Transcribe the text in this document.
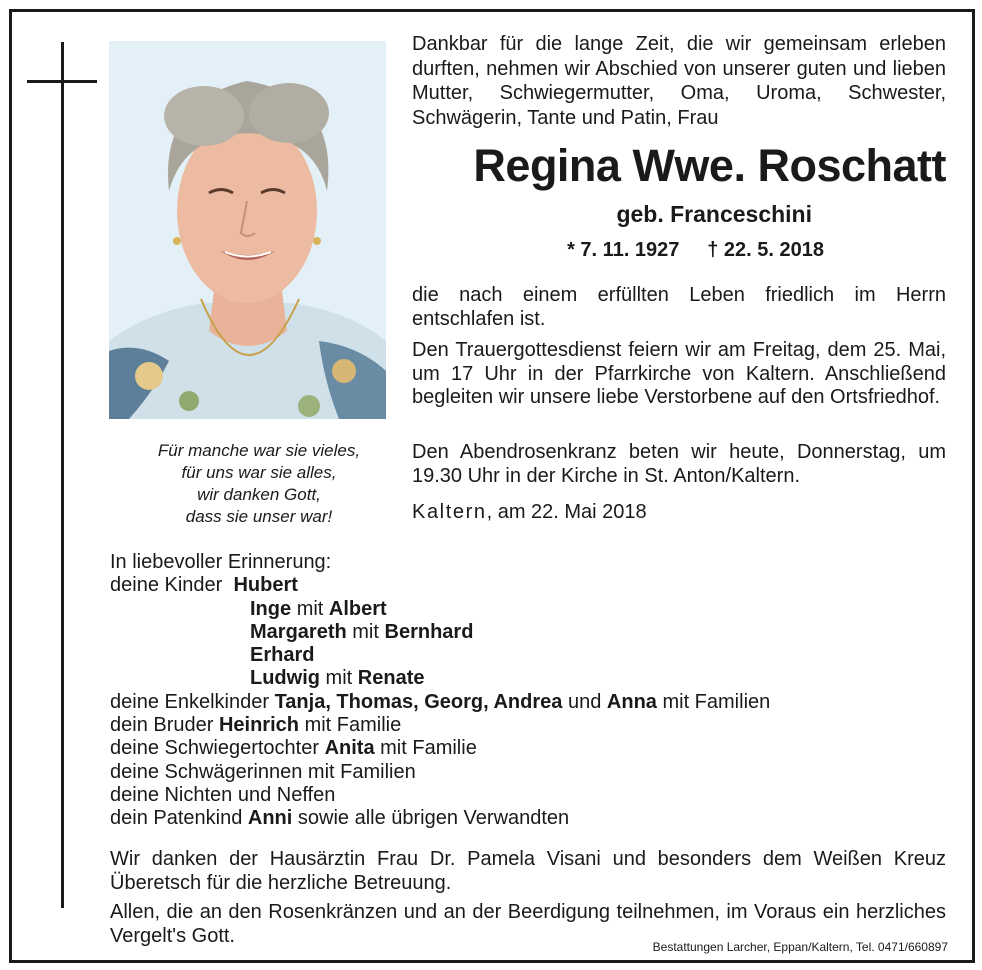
Für manche war sie vieles,
für uns war sie alles,
wir danken Gott,
dass sie unser war!
Dankbar für die lange Zeit, die wir gemeinsam erleben durften, nehmen wir Abschied von unserer guten und lieben Mutter, Schwiegermutter, Oma, Uroma, Schwester, Schwägerin, Tante und Patin, Frau
Regina Wwe. Roschatt
geb. Franceschini
* 7. 11. 1927 † 22. 5. 2018
die nach einem erfüllten Leben friedlich im Herrn entschlafen ist.
Den Trauergottesdienst feiern wir am Freitag, dem 25. Mai, um 17 Uhr in der Pfarrkirche von Kaltern. Anschließend begleiten wir unsere liebe Verstorbene auf den Ortsfriedhof.
Den Abendrosenkranz beten wir heute, Donnerstag, um 19.30 Uhr in der Kirche in St. Anton/Kaltern.
Kaltern, am 22. Mai 2018
In liebevoller Erinnerung:
deine Kinder Hubert
Inge mit Albert
Margareth mit Bernhard
Erhard
Ludwig mit Renate
deine Enkelkinder Tanja, Thomas, Georg, Andrea und Anna mit Familien
dein Bruder Heinrich mit Familie
deine Schwiegertochter Anita mit Familie
deine Schwägerinnen mit Familien
deine Nichten und Neffen
dein Patenkind Anni sowie alle übrigen Verwandten
Wir danken der Hausärztin Frau Dr. Pamela Visani und besonders dem Weißen Kreuz Überetsch für die herzliche Betreuung.
Allen, die an den Rosenkränzen und an der Beerdigung teilnehmen, im Voraus ein herzliches Vergelt's Gott.
Bestattungen Larcher, Eppan/Kaltern, Tel. 0471/660897
